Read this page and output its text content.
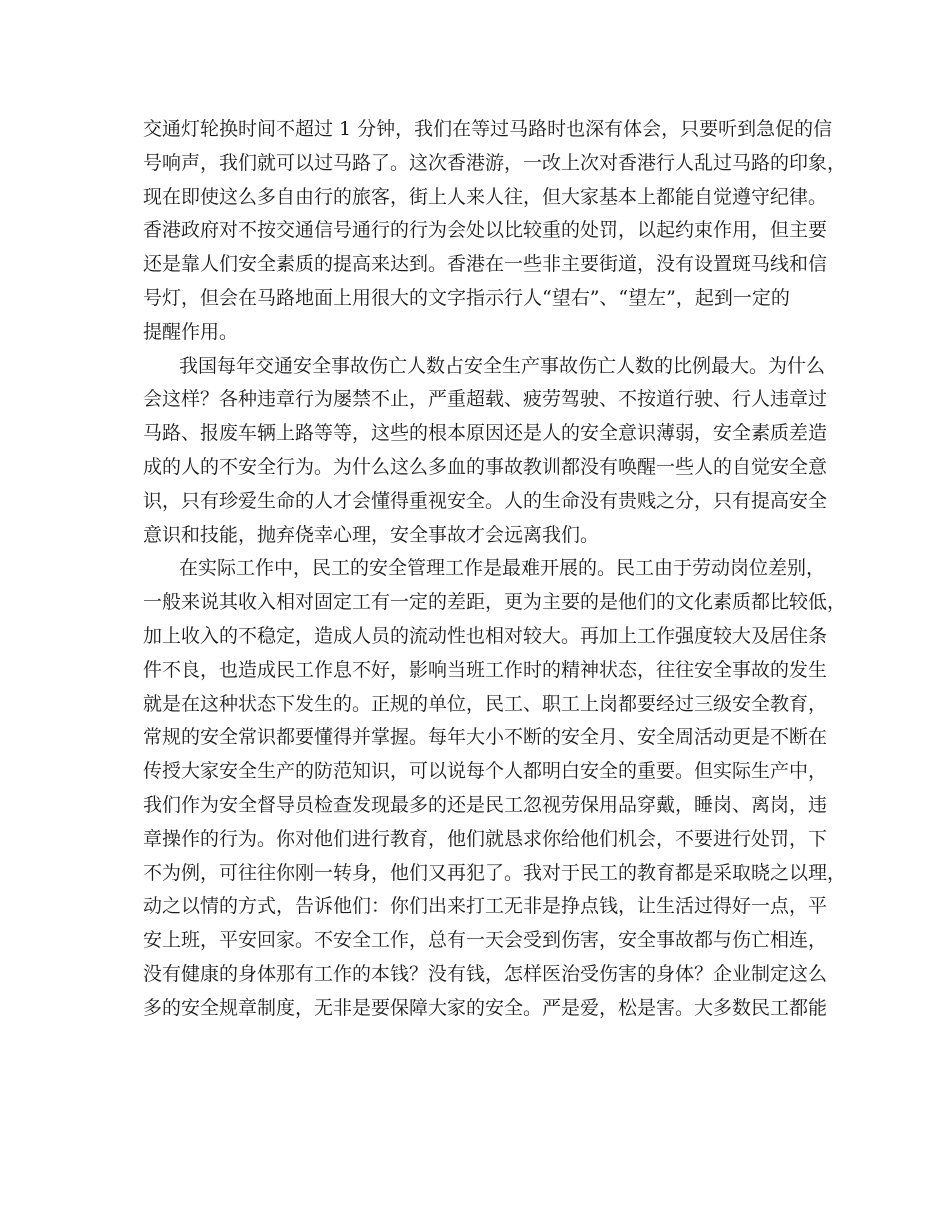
交通灯轮换时间不超过 1 分钟，我们在等过马路时也深有体会，只要听到急促的信
号响声，我们就可以过马路了。这次香港游，一改上次对香港行人乱过马路的印象，
现在即使这么多自由行的旅客，街上人来人往，但大家基本上都能自觉遵守纪律。
香港政府对不按交通信号通行的行为会处以比较重的处罚，以起约束作用，但主要
还是靠人们安全素质的提高来达到。香港在一些非主要街道，没有设置斑马线和信
号灯，但会在马路地面上用很大的文字指示行人“望右”、“望左”，起到一定的
提醒作用。
我国每年交通安全事故伤亡人数占安全生产事故伤亡人数的比例最大。为什么
会这样？各种违章行为屡禁不止，严重超载、疲劳驾驶、不按道行驶、行人违章过
马路、报废车辆上路等等，这些的根本原因还是人的安全意识薄弱，安全素质差造
成的人的不安全行为。为什么这么多血的事故教训都没有唤醒一些人的自觉安全意
识，只有珍爱生命的人才会懂得重视安全。人的生命没有贵贱之分，只有提高安全
意识和技能，抛弃侥幸心理，安全事故才会远离我们。
在实际工作中，民工的安全管理工作是最难开展的。民工由于劳动岗位差别，
一般来说其收入相对固定工有一定的差距，更为主要的是他们的文化素质都比较低，
加上收入的不稳定，造成人员的流动性也相对较大。再加上工作强度较大及居住条
件不良，也造成民工作息不好，影响当班工作时的精神状态，往往安全事故的发生
就是在这种状态下发生的。正规的单位，民工、职工上岗都要经过三级安全教育，
常规的安全常识都要懂得并掌握。每年大小不断的安全月、安全周活动更是不断在
传授大家安全生产的防范知识，可以说每个人都明白安全的重要。但实际生产中，
我们作为安全督导员检查发现最多的还是民工忽视劳保用品穿戴，睡岗、离岗，违
章操作的行为。你对他们进行教育，他们就恳求你给他们机会，不要进行处罚，下
不为例，可往往你刚一转身，他们又再犯了。我对于民工的教育都是采取晓之以理，
动之以情的方式，告诉他们：你们出来打工无非是挣点钱，让生活过得好一点，平
安上班，平安回家。不安全工作，总有一天会受到伤害，安全事故都与伤亡相连，
没有健康的身体那有工作的本钱？没有钱，怎样医治受伤害的身体？企业制定这么
多的安全规章制度，无非是要保障大家的安全。严是爱，松是害。大多数民工都能
